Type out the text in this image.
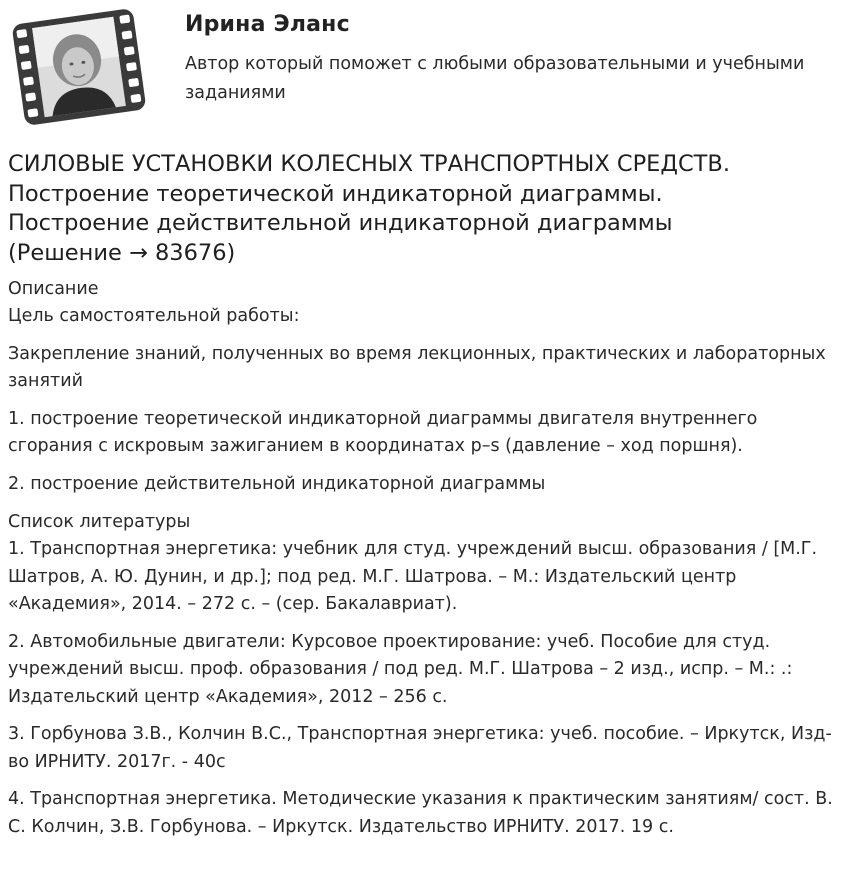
Ирина Эланс
Автор который поможет с любыми образовательными и учебными заданиями
СИЛОВЫЕ УСТАНОВКИ КОЛЕСНЫХ ТРАНСПОРТНЫХ СРЕДСТВ.
Построение теоретической индикаторной диаграммы.
Построение действительной индикаторной диаграммы
(Решение → 83676)
Описание
Цель самостоятельной работы:
Закрепление знаний, полученных во время лекционных, практических и лабораторных занятий
1. построение теоретической индикаторной диаграммы двигателя внутреннего сгорания с искровым зажиганием в координатах p–s (давление – ход поршня).
2. построение действительной индикаторной диаграммы
Список литературы
1. Транспортная энергетика: учебник для студ. учреждений высш. образования / [М.Г. Шатров, А. Ю. Дунин, и др.]; под ред. М.Г. Шатрова. – М.: Издательский центр «Академия», 2014. – 272 с. – (сер. Бакалавриат).
2. Автомобильные двигатели: Курсовое проектирование: учеб. Пособие для студ. учреждений высш. проф. образования / под ред. М.Г. Шатрова – 2 изд., испр. – М.: .: Издательский центр «Академия», 2012 – 256 с.
3. Горбунова З.В., Колчин В.С., Транспортная энергетика: учеб. пособие. – Иркутск, Изд-во ИРНИТУ. 2017г. - 40с
4. Транспортная энергетика. Методические указания к практическим занятиям/ сост. В. С. Колчин, З.В. Горбунова. – Иркутск. Издательство ИРНИТУ. 2017. 19 с.
